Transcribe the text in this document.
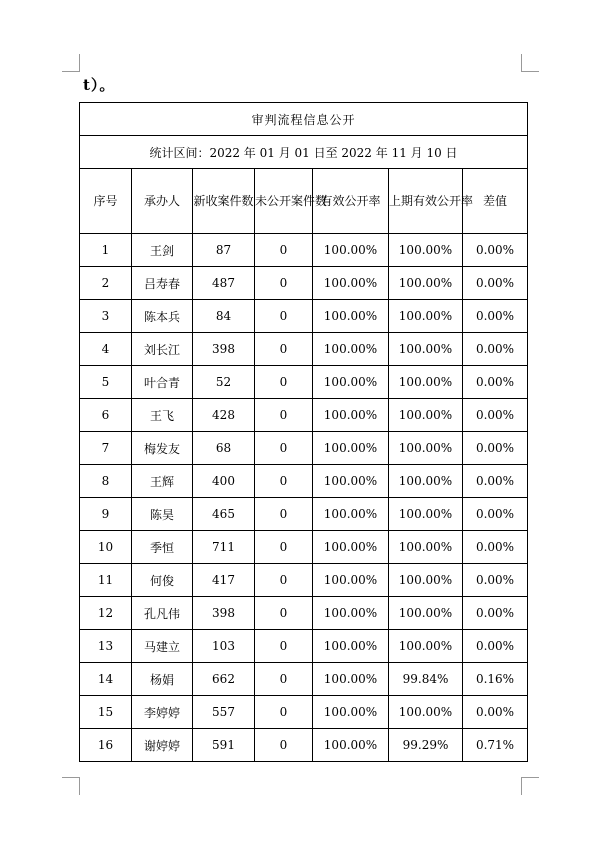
t）。
审判流程信息公开						
统计区间：2022 年 01 月 01 日至 2022 年 11 月 10 日						
序号	承办人	新收案件数	未公开案件数	有效公开率	上期有效公开率	差值
1	王剑	87	0	100.00%	100.00%	0.00%
2	吕寿春	487	0	100.00%	100.00%	0.00%
3	陈本兵	84	0	100.00%	100.00%	0.00%
4	刘长江	398	0	100.00%	100.00%	0.00%
5	叶合青	52	0	100.00%	100.00%	0.00%
6	王飞	428	0	100.00%	100.00%	0.00%
7	梅发友	68	0	100.00%	100.00%	0.00%
8	王辉	400	0	100.00%	100.00%	0.00%
9	陈昊	465	0	100.00%	100.00%	0.00%
10	季恒	711	0	100.00%	100.00%	0.00%
11	何俊	417	0	100.00%	100.00%	0.00%
12	孔凡伟	398	0	100.00%	100.00%	0.00%
13	马建立	103	0	100.00%	100.00%	0.00%
14	杨娟	662	0	100.00%	99.84%	0.16%
15	李婷婷	557	0	100.00%	100.00%	0.00%
16	谢婷婷	591	0	100.00%	99.29%	0.71%
